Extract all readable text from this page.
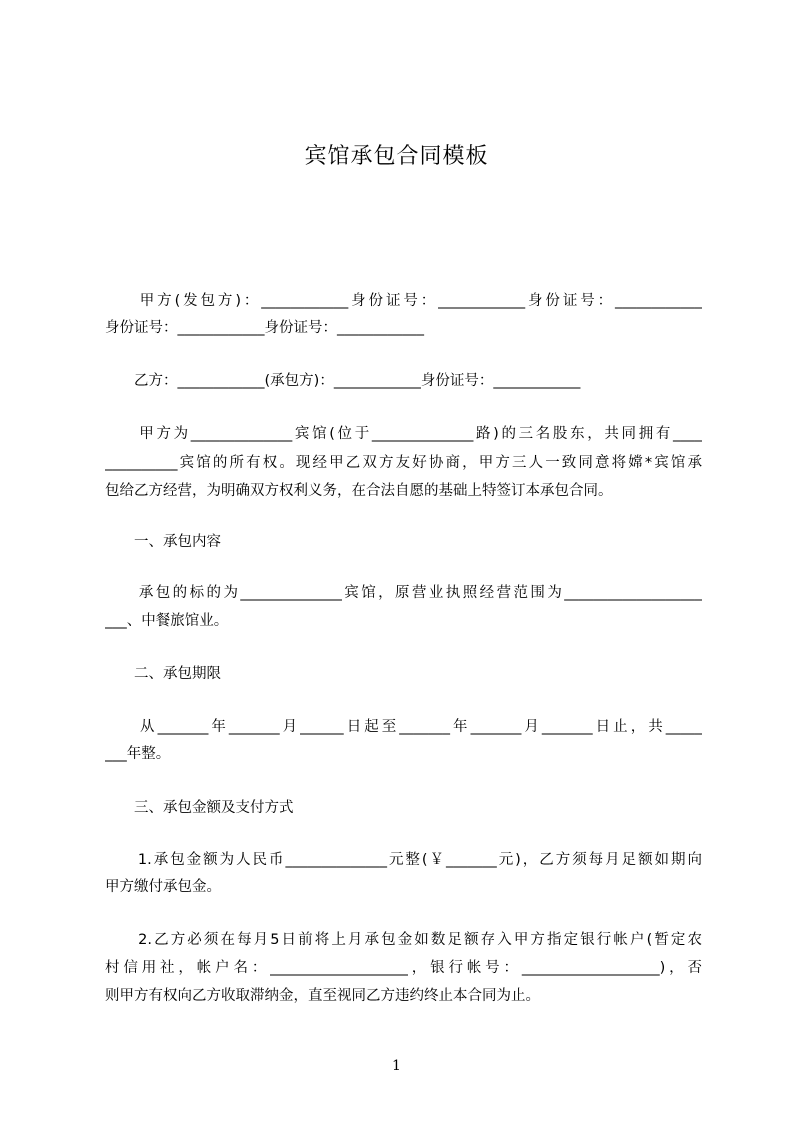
宾馆承包合同模板
　　甲方(发包方)：____________身份证号：____________身份证号：____________
身份证号：____________身份证号：____________
　　乙方：____________(承包方)：____________身份证号：____________
　　甲方为______________宾馆(位于______________路)的三名股东，共同拥有____
__________宾馆的所有权。现经甲乙双方友好协商，甲方三人一致同意将嫦*宾馆承
包给乙方经营，为明确双方权利义务，在合法自愿的基础上特签订本承包合同。
　　一、承包内容
　　承包的标的为______________宾馆，原营业执照经营范围为___________________
___、中餐旅馆业。
　　二、承包期限
　　从_______年_______月______日起至_______年_______月_______日止，共_____
___年整。
　　三、承包金额及支付方式
　　1.承包金额为人民币______________元整(￥_______元)，乙方须每月足额如期向
甲方缴付承包金。
　　2.乙方必须在每月5日前将上月承包金如数足额存入甲方指定银行帐户(暂定农
村信用社，帐户名：___________________，银行帐号：___________________)，否
则甲方有权向乙方收取滞纳金，直至视同乙方违约终止本合同为止。
1
